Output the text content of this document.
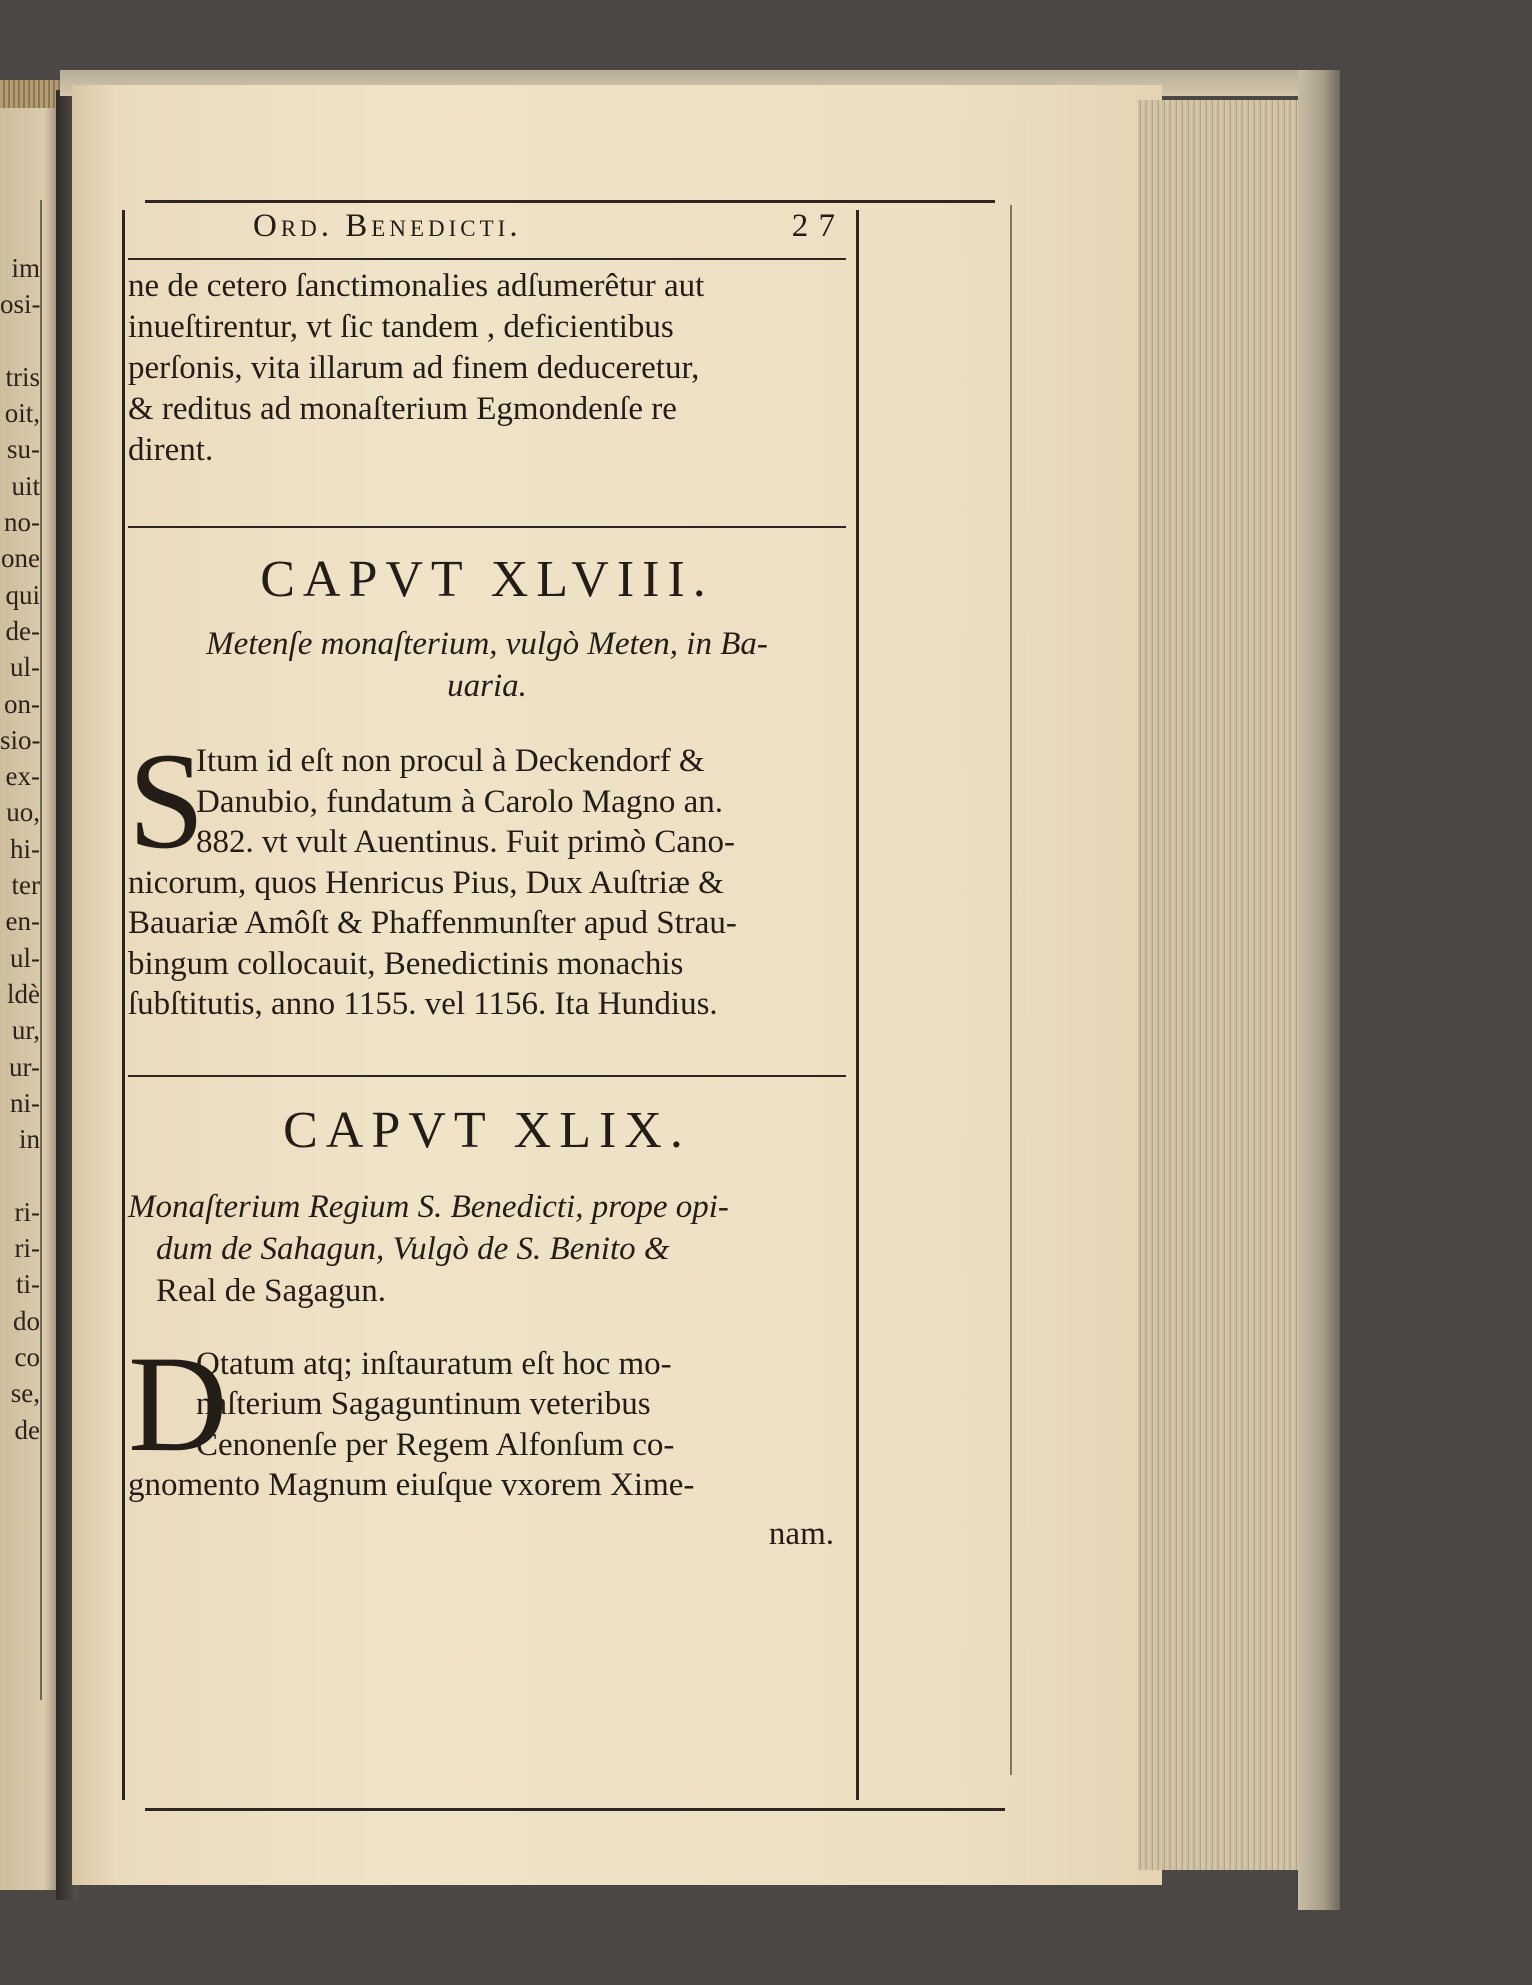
im
osi-

tris
oit,
su-
uit
no-
one
qui
de-
ul-
on-
sio-
ex-
uo,
hi-
ter
en-
ul-
ldè
ur,
ur-
ni-
in

ri-
ri-
ti-
do
co
se,
de
Ord. Benedicti.	2 7
ne de cetero ſanctimonalies adſumerêtur aut
inueſtirentur, vt ſic tandem , deficientibus
perſonis, vita illarum ad finem deduceretur,
& reditus ad monaſterium Egmondenſe re
dirent.
CAPVT XLVIII.
Metenſe monaſterium, vulgò Meten, in Ba-
uaria.
S
Itum id eſt non procul à Deckendorf &
Danubio, fundatum à Carolo Magno an.
882. vt vult Auentinus. Fuit primò Cano-
nicorum, quos Henricus Pius, Dux Auſtriæ &
Bauariæ Amôſt & Phaffenmunſter apud Strau-
bingum collocauit, Benedictinis monachis
ſubſtitutis, anno 1155. vel 1156. Ita Hundius.
CAPVT XLIX.
Monaſterium Regium S. Benedicti, prope opi-
dum de Sahagun, Vulgò de S. Benito &
Real de Sagagun.
D
Otatum atq; inſtauratum eſt hoc mo-
naſterium Sagaguntinum veteribus
Cenonenſe per Regem Alfonſum co-
gnomento Magnum eiuſque vxorem Xime-
nam.
